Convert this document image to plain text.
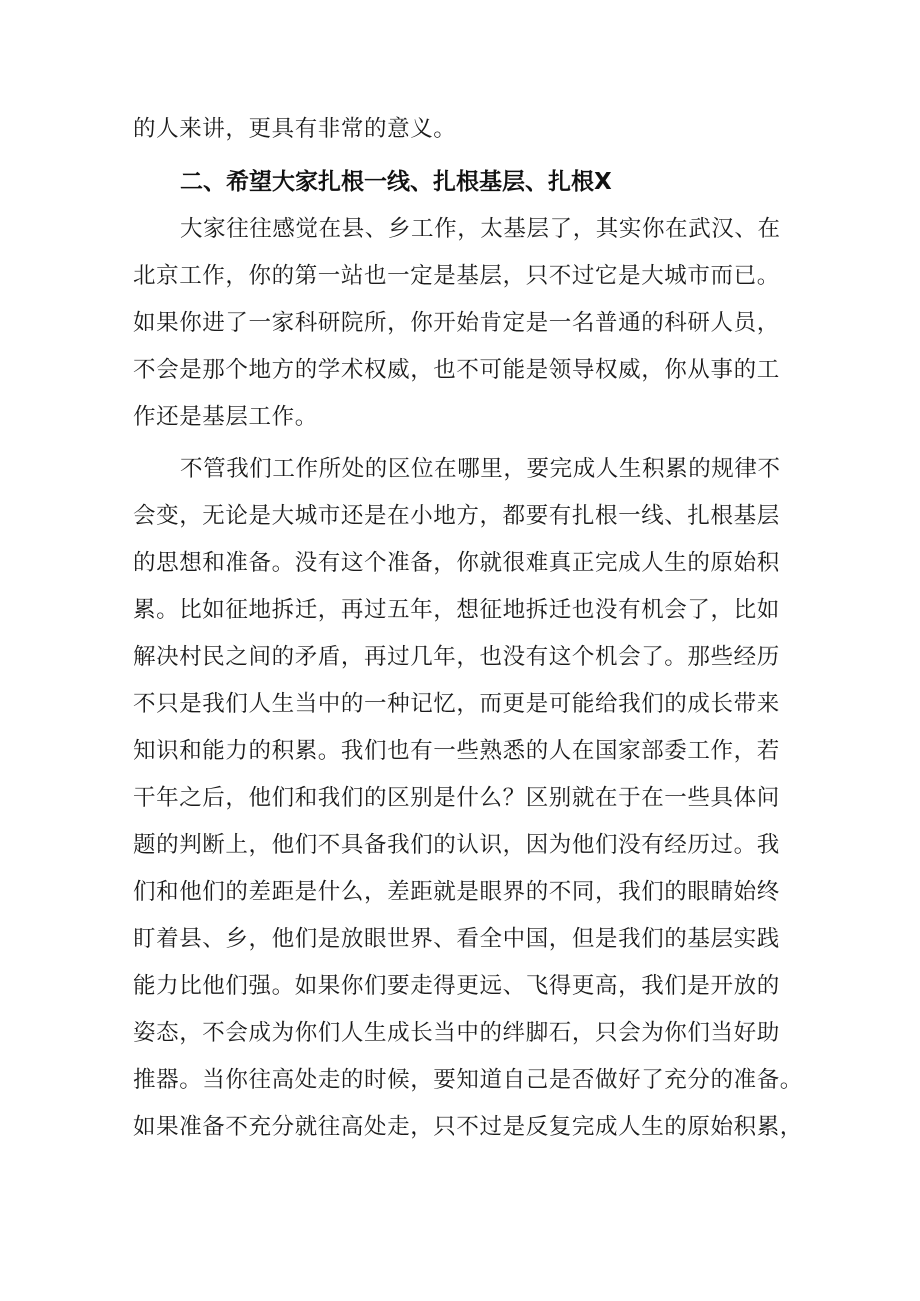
的人来讲，更具有非常的意义。
二、希望大家扎根一线、扎根基层、扎根X
大家往往感觉在县、乡工作，太基层了，其实你在武汉、在
北京工作，你的第一站也一定是基层，只不过它是大城市而已。
如果你进了一家科研院所，你开始肯定是一名普通的科研人员，
不会是那个地方的学术权威，也不可能是领导权威，你从事的工
作还是基层工作。
不管我们工作所处的区位在哪里，要完成人生积累的规律不
会变，无论是大城市还是在小地方，都要有扎根一线、扎根基层
的思想和准备。没有这个准备，你就很难真正完成人生的原始积
累。比如征地拆迁，再过五年，想征地拆迁也没有机会了，比如
解决村民之间的矛盾，再过几年，也没有这个机会了。那些经历
不只是我们人生当中的一种记忆，而更是可能给我们的成长带来
知识和能力的积累。我们也有一些熟悉的人在国家部委工作，若
干年之后，他们和我们的区别是什么？区别就在于在一些具体问
题的判断上，他们不具备我们的认识，因为他们没有经历过。我
们和他们的差距是什么，差距就是眼界的不同，我们的眼睛始终
盯着县、乡，他们是放眼世界、看全中国，但是我们的基层实践
能力比他们强。如果你们要走得更远、飞得更高，我们是开放的
姿态，不会成为你们人生成长当中的绊脚石，只会为你们当好助
推器。当你往高处走的时候，要知道自己是否做好了充分的准备。
如果准备不充分就往高处走，只不过是反复完成人生的原始积累，
